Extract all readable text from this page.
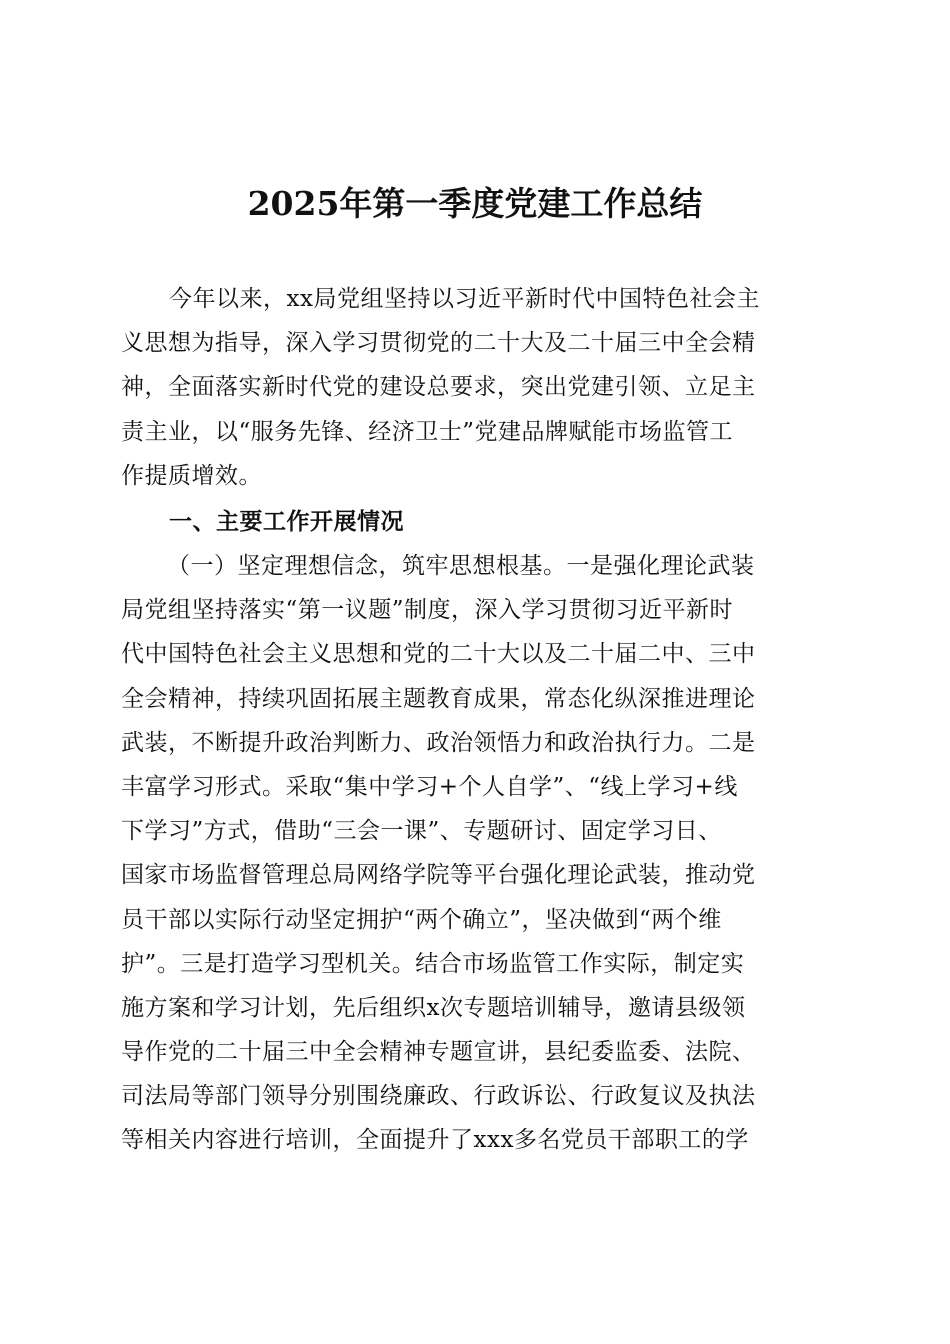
2025年第一季度党建工作总结
今年以来，xx局党组坚持以习近平新时代中国特色社会主
义思想为指导，深入学习贯彻党的二十大及二十届三中全会精
神，全面落实新时代党的建设总要求，突出党建引领、立足主
责主业，以“服务先锋、经济卫士”党建品牌赋能市场监管工
作提质增效。
一、主要工作开展情况
（一）坚定理想信念，筑牢思想根基。一是强化理论武装
局党组坚持落实“第一议题”制度，深入学习贯彻习近平新时
代中国特色社会主义思想和党的二十大以及二十届二中、三中
全会精神，持续巩固拓展主题教育成果，常态化纵深推进理论
武装，不断提升政治判断力、政治领悟力和政治执行力。二是
丰富学习形式。采取“集中学习+个人自学”、“线上学习+线
下学习”方式，借助“三会一课”、专题研讨、固定学习日、
国家市场监督管理总局网络学院等平台强化理论武装，推动党
员干部以实际行动坚定拥护“两个确立”，坚决做到“两个维
护”。三是打造学习型机关。结合市场监管工作实际，制定实
施方案和学习计划，先后组织x次专题培训辅导，邀请县级领
导作党的二十届三中全会精神专题宣讲，县纪委监委、法院、
司法局等部门领导分别围绕廉政、行政诉讼、行政复议及执法
等相关内容进行培训，全面提升了xxx多名党员干部职工的学
